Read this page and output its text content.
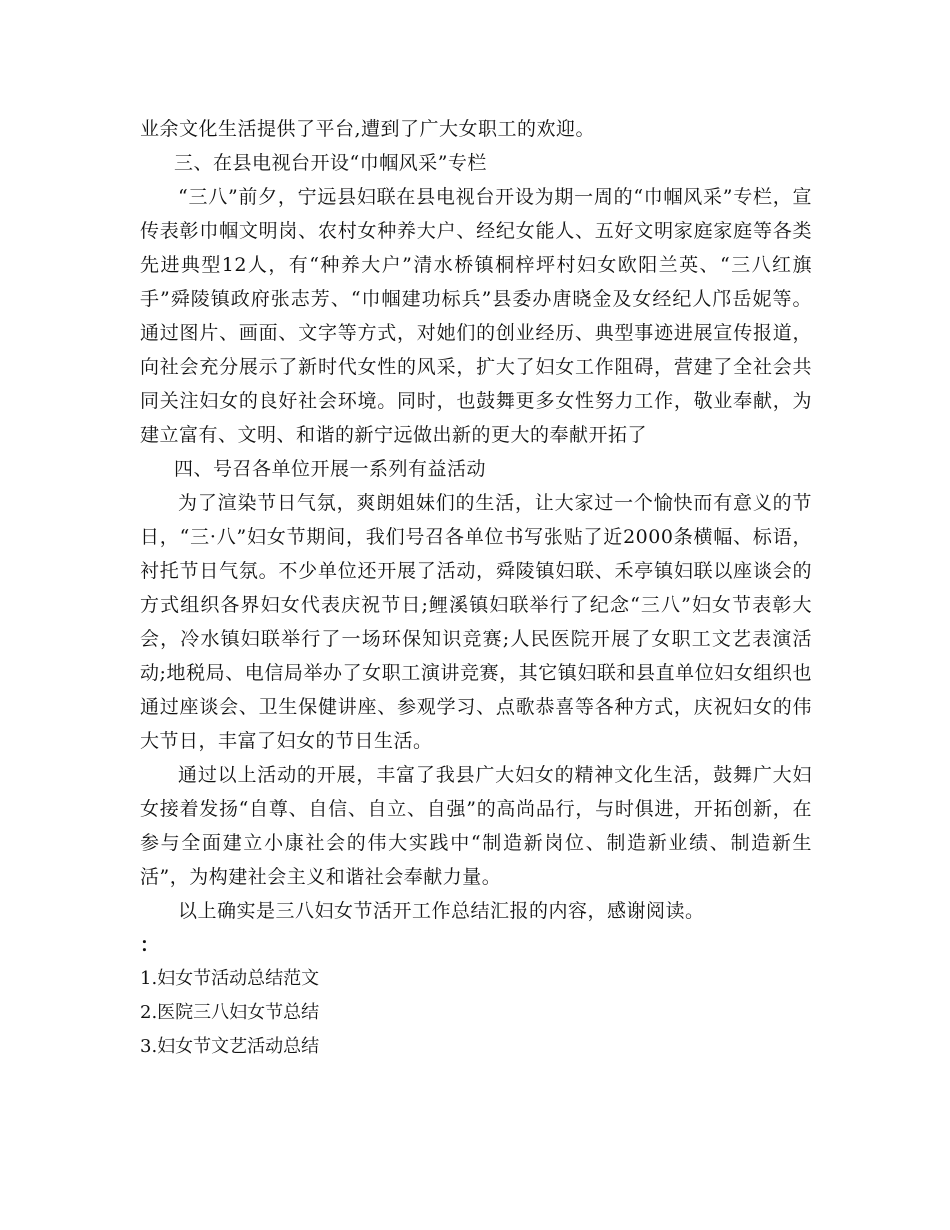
业余文化生活提供了平台,遭到了广大女职工的欢迎。

三、在县电视台开设“巾帼风采”专栏

“三八”前夕，宁远县妇联在县电视台开设为期一周的“巾帼风采”专栏，宣传表彰巾帼文明岗、农村女种养大户、经纪女能人、五好文明家庭家庭等各类先进典型12人，有“种养大户”清水桥镇桐梓坪村妇女欧阳兰英、“三八红旗手”舜陵镇政府张志芳、“巾帼建功标兵”县委办唐晓金及女经纪人邝岳妮等。通过图片、画面、文字等方式，对她们的创业经历、典型事迹进展宣传报道，向社会充分展示了新时代女性的风采，扩大了妇女工作阻碍，营建了全社会共同关注妇女的良好社会环境。同时，也鼓舞更多女性努力工作，敬业奉献，为建立富有、文明、和谐的新宁远做出新的更大的奉献开拓了

四、号召各单位开展一系列有益活动

为了渲染节日气氛，爽朗姐妹们的生活，让大家过一个愉快而有意义的节日，“三·八”妇女节期间，我们号召各单位书写张贴了近2000条横幅、标语，衬托节日气氛。不少单位还开展了活动，舜陵镇妇联、禾亭镇妇联以座谈会的方式组织各界妇女代表庆祝节日;鲤溪镇妇联举行了纪念“三八”妇女节表彰大会，冷水镇妇联举行了一场环保知识竞赛;人民医院开展了女职工文艺表演活动;地税局、电信局举办了女职工演讲竞赛，其它镇妇联和县直单位妇女组织也通过座谈会、卫生保健讲座、参观学习、点歌恭喜等各种方式，庆祝妇女的伟大节日，丰富了妇女的节日生活。

通过以上活动的开展，丰富了我县广大妇女的精神文化生活，鼓舞广大妇女接着发扬“自尊、自信、自立、自强”的高尚品行，与时俱进，开拓创新，在参与全面建立小康社会的伟大实践中“制造新岗位、制造新业绩、制造新生活”，为构建社会主义和谐社会奉献力量。

以上确实是三八妇女节活开工作总结汇报的内容，感谢阅读。

：

1.妇女节活动总结范文

2.医院三八妇女节总结

3.妇女节文艺活动总结
